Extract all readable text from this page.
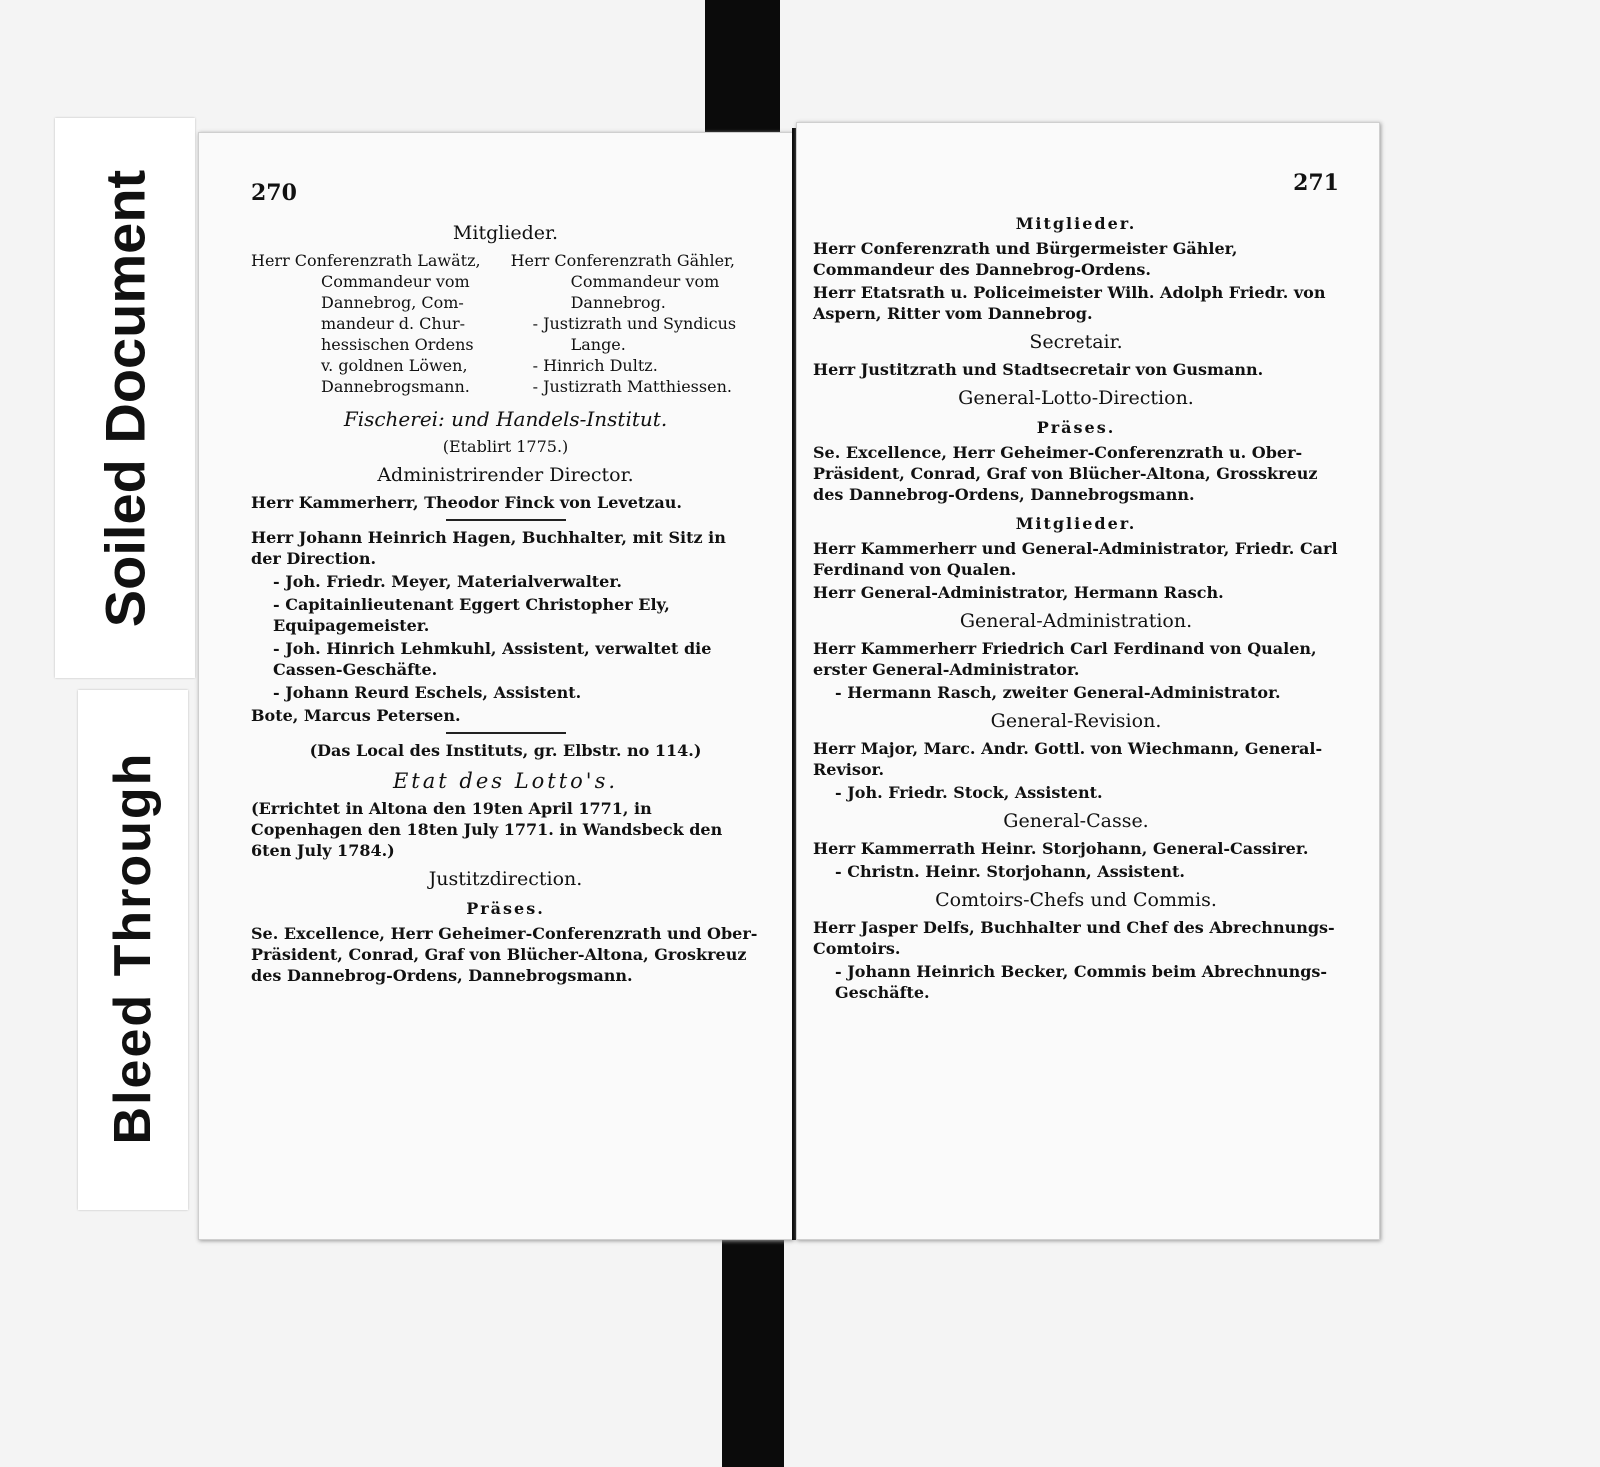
Soiled Document
Bleed Through
270
Mitglieder.

Herr Conferenzrath Lawätz,

Commandeur vom

Dannebrog, Com-

mandeur d. Chur-

hessischen Ordens

v. goldnen Löwen,

Dannebrogsmann.

Herr Conferenzrath Gähler,

Commandeur vom

Dannebrog.

- Justizrath und Syndicus

Lange.

- Hinrich Dultz.

- Justizrath Matthiessen.

Fischerei: und Handels-Institut.
(Etablirt 1775.)
Administrirender Director.

Herr Kammerherr, Theodor Finck von Levetzau.

Herr Johann Heinrich Hagen, Buchhalter, mit Sitz in der Direction.

- Joh. Friedr. Meyer, Materialverwalter.

- Capitainlieutenant Eggert Christopher Ely, Equipagemeister.

- Joh. Hinrich Lehmkuhl, Assistent, verwaltet die Cassen-Geschäfte.

- Johann Reurd Eschels, Assistent.

Bote, Marcus Petersen.

(Das Local des Instituts, gr. Elbstr. no 114.)

Etat des Lotto's.

(Errichtet in Altona den 19ten April 1771, in Copenhagen den 18ten July 1771. in Wandsbeck den 6ten July 1784.)

Justitzdirection.
Präses.

Se. Excellence, Herr Geheimer-Conferenzrath und Ober-Präsident, Conrad, Graf von Blücher-Altona, Groskreuz des Dannebrog-Ordens, Dannebrogsmann.

271
Mitglieder.

Herr Conferenzrath und Bürgermeister Gähler, Commandeur des Dannebrog-Ordens.

Herr Etatsrath u. Policeimeister Wilh. Adolph Friedr. von Aspern, Ritter vom Dannebrog.

Secretair.

Herr Justitzrath und Stadtsecretair von Gusmann.

General-Lotto-Direction.
Präses.

Se. Excellence, Herr Geheimer-Conferenzrath u. Ober-Präsident, Conrad, Graf von Blücher-Altona, Grosskreuz des Dannebrog-Ordens, Dannebrogsmann.

Mitglieder.

Herr Kammerherr und General-Administrator, Friedr. Carl Ferdinand von Qualen.

Herr General-Administrator, Hermann Rasch.

General-Administration.

Herr Kammerherr Friedrich Carl Ferdinand von Qualen, erster General-Administrator.

- Hermann Rasch, zweiter General-Administrator.

General-Revision.

Herr Major, Marc. Andr. Gottl. von Wiechmann, General-Revisor.

- Joh. Friedr. Stock, Assistent.

General-Casse.

Herr Kammerrath Heinr. Storjohann, General-Cassirer.

- Christn. Heinr. Storjohann, Assistent.

Comtoirs-Chefs und Commis.

Herr Jasper Delfs, Buchhalter und Chef des Abrechnungs-Comtoirs.

- Johann Heinrich Becker, Commis beim Abrechnungs-Geschäfte.
